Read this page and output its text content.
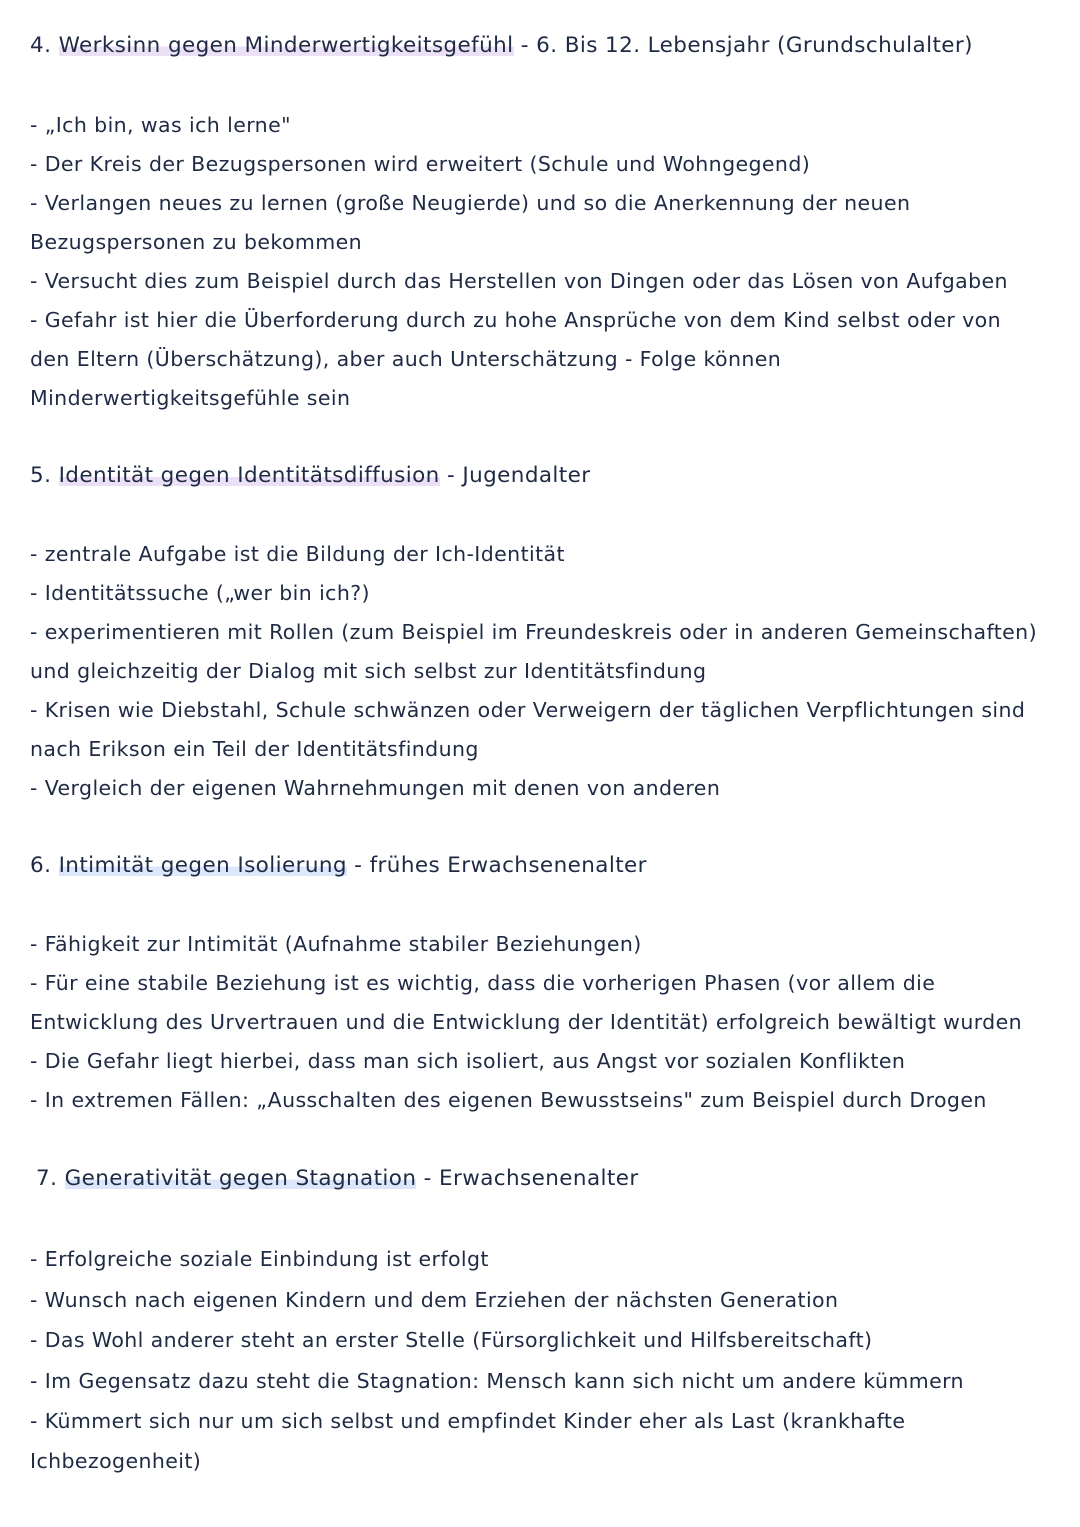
4. Werksinn gegen Minderwertigkeitsgefühl - 6. Bis 12. Lebensjahr (Grundschulalter)
- „Ich bin, was ich lerne"
- Der Kreis der Bezugspersonen wird erweitert (Schule und Wohngegend)
- Verlangen neues zu lernen (große Neugierde) und so die Anerkennung der neuen
Bezugspersonen zu bekommen
- Versucht dies zum Beispiel durch das Herstellen von Dingen oder das Lösen von Aufgaben
- Gefahr ist hier die Überforderung durch zu hohe Ansprüche von dem Kind selbst oder von
den Eltern (Überschätzung), aber auch Unterschätzung - Folge können
Minderwertigkeitsgefühle sein
5. Identität gegen Identitätsdiffusion - Jugendalter
- zentrale Aufgabe ist die Bildung der Ich-Identität
- Identitätssuche („wer bin ich?)
- experimentieren mit Rollen (zum Beispiel im Freundeskreis oder in anderen Gemeinschaften)
und gleichzeitig der Dialog mit sich selbst zur Identitätsfindung
- Krisen wie Diebstahl, Schule schwänzen oder Verweigern der täglichen Verpflichtungen sind
nach Erikson ein Teil der Identitätsfindung
- Vergleich der eigenen Wahrnehmungen mit denen von anderen
6. Intimität gegen Isolierung - frühes Erwachsenenalter
- Fähigkeit zur Intimität (Aufnahme stabiler Beziehungen)
- Für eine stabile Beziehung ist es wichtig, dass die vorherigen Phasen (vor allem die
Entwicklung des Urvertrauen und die Entwicklung der Identität) erfolgreich bewältigt wurden
- Die Gefahr liegt hierbei, dass man sich isoliert, aus Angst vor sozialen Konflikten
- In extremen Fällen: „Ausschalten des eigenen Bewusstseins" zum Beispiel durch Drogen
7. Generativität gegen Stagnation - Erwachsenenalter
- Erfolgreiche soziale Einbindung ist erfolgt
- Wunsch nach eigenen Kindern und dem Erziehen der nächsten Generation
- Das Wohl anderer steht an erster Stelle (Fürsorglichkeit und Hilfsbereitschaft)
- Im Gegensatz dazu steht die Stagnation: Mensch kann sich nicht um andere kümmern
- Kümmert sich nur um sich selbst und empfindet Kinder eher als Last (krankhafte
Ichbezogenheit)
